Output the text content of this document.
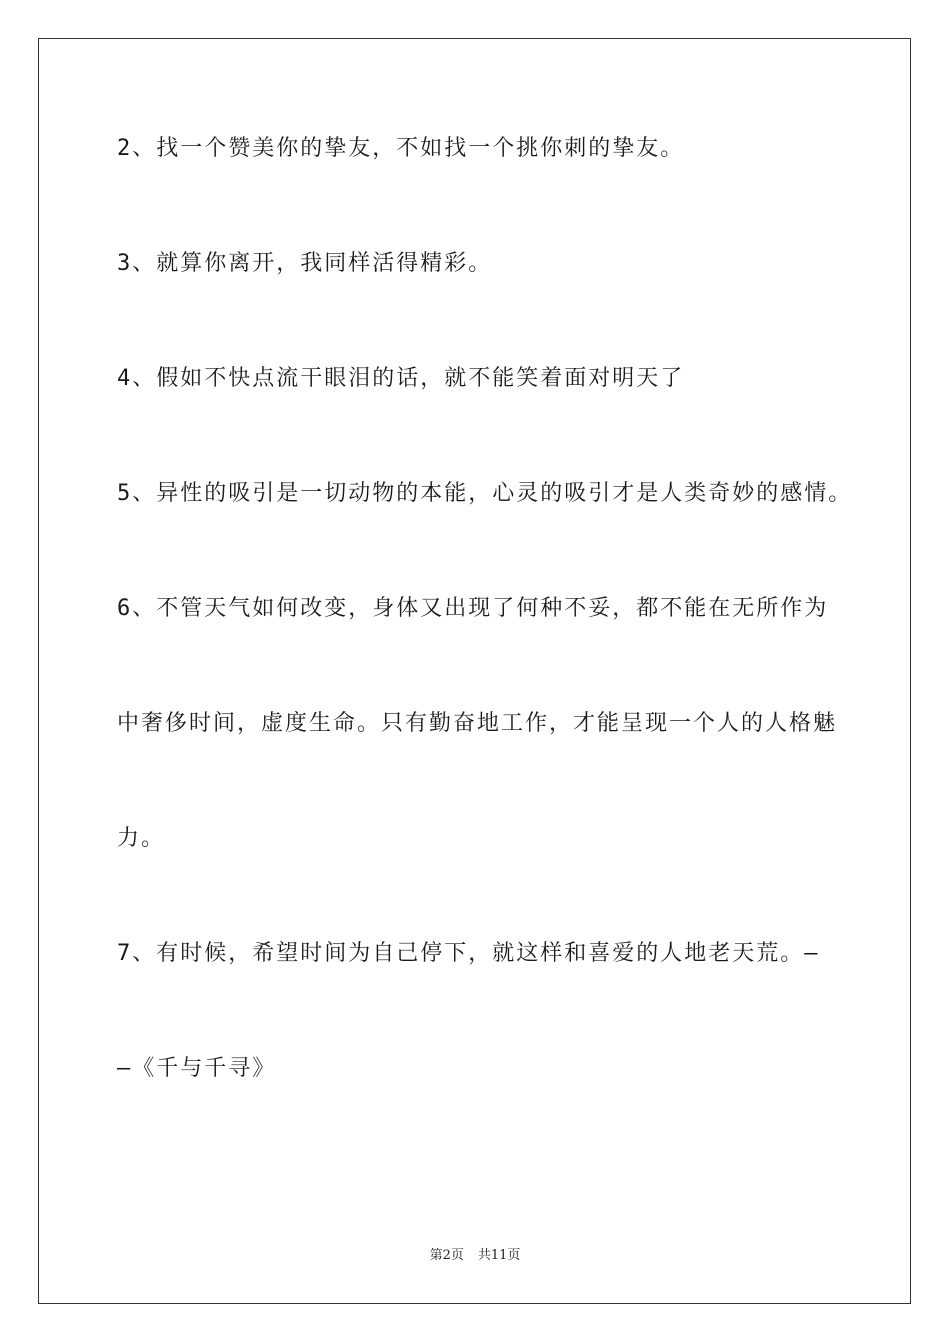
2、找一个赞美你的挚友，不如找一个挑你刺的挚友。
3、就算你离开，我同样活得精彩。
4、假如不快点流干眼泪的话，就不能笑着面对明天了
5、异性的吸引是一切动物的本能，心灵的吸引才是人类奇妙的感情。
6、不管天气如何改变，身体又出现了何种不妥，都不能在无所作为
中奢侈时间，虚度生命。只有勤奋地工作，才能呈现一个人的人格魅
力。
7、有时候，希望时间为自己停下，就这样和喜爱的人地老天荒。—
—《千与千寻》
第2页 共11页
